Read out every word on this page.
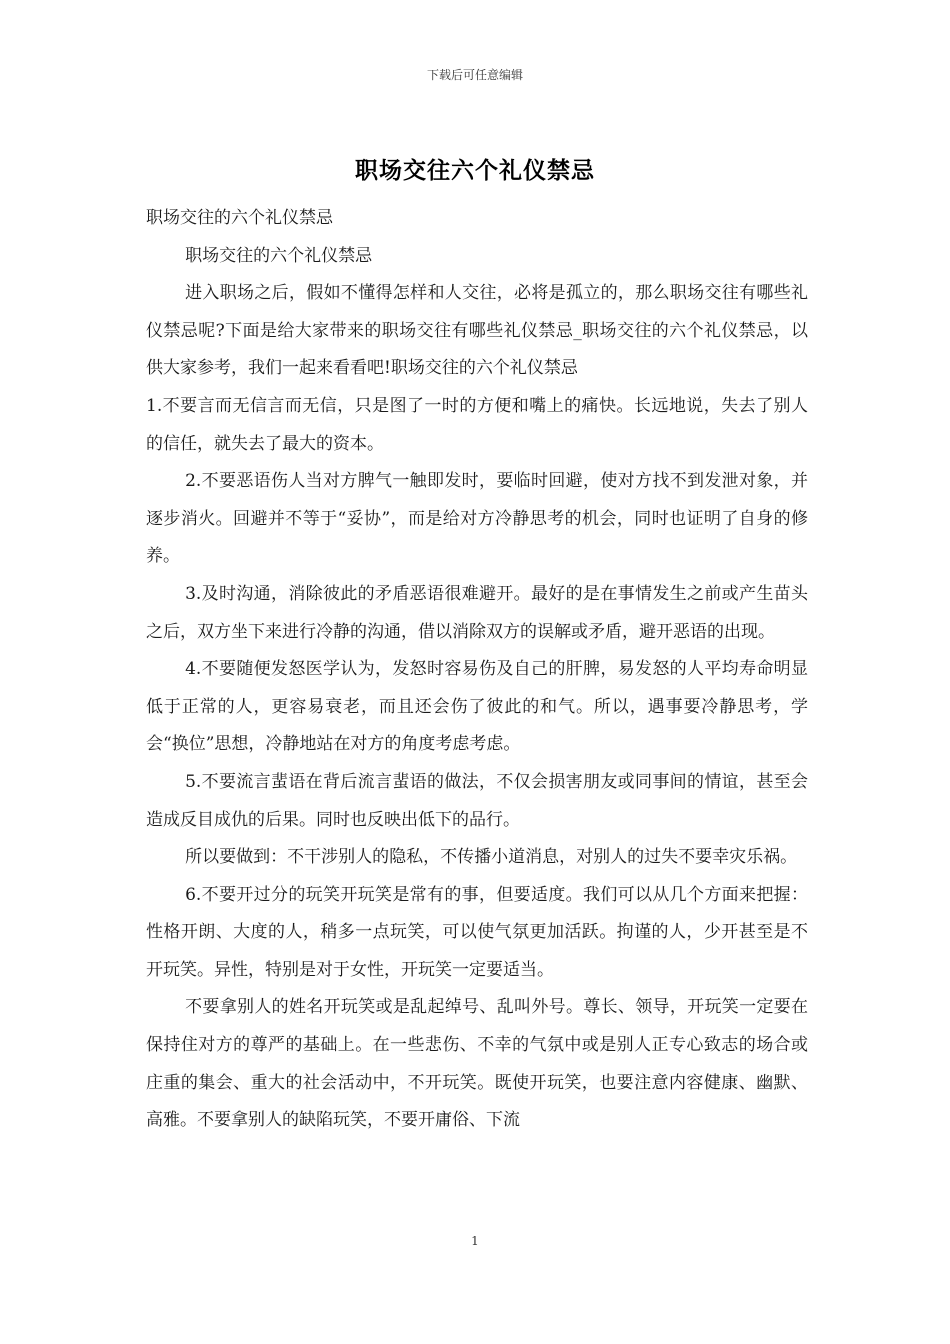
下载后可任意编辑
职场交往六个礼仪禁忌

职场交往的六个礼仪禁忌

职场交往的六个礼仪禁忌

进入职场之后，假如不懂得怎样和人交往，必将是孤立的，那么职场交往有哪些礼仪禁忌呢?下面是给大家带来的职场交往有哪些礼仪禁忌_职场交往的六个礼仪禁忌，以供大家参考，我们一起来看看吧!职场交往的六个礼仪禁忌

1.不要言而无信言而无信，只是图了一时的方便和嘴上的痛快。长远地说，失去了别人的信任，就失去了最大的资本。

2.不要恶语伤人当对方脾气一触即发时，要临时回避，使对方找不到发泄对象，并逐步消火。回避并不等于“妥协”，而是给对方冷静思考的机会，同时也证明了自身的修养。

3.及时沟通，消除彼此的矛盾恶语很难避开。最好的是在事情发生之前或产生苗头之后，双方坐下来进行冷静的沟通，借以消除双方的误解或矛盾，避开恶语的出现。

4.不要随便发怒医学认为，发怒时容易伤及自己的肝脾，易发怒的人平均寿命明显低于正常的人，更容易衰老，而且还会伤了彼此的和气。所以，遇事要冷静思考，学会“换位”思想，冷静地站在对方的角度考虑考虑。

5.不要流言蜚语在背后流言蜚语的做法，不仅会损害朋友或同事间的情谊，甚至会造成反目成仇的后果。同时也反映出低下的品行。

所以要做到：不干涉别人的隐私，不传播小道消息，对别人的过失不要幸灾乐祸。

6.不要开过分的玩笑开玩笑是常有的事，但要适度。我们可以从几个方面来把握：性格开朗、大度的人，稍多一点玩笑，可以使气氛更加活跃。拘谨的人，少开甚至是不开玩笑。异性，特别是对于女性，开玩笑一定要适当。

不要拿别人的姓名开玩笑或是乱起绰号、乱叫外号。尊长、领导，开玩笑一定要在保持住对方的尊严的基础上。在一些悲伤、不幸的气氛中或是别人正专心致志的场合或庄重的集会、重大的社会活动中，不开玩笑。既使开玩笑，也要注意内容健康、幽默、高雅。不要拿别人的缺陷玩笑，不要开庸俗、下流

1
